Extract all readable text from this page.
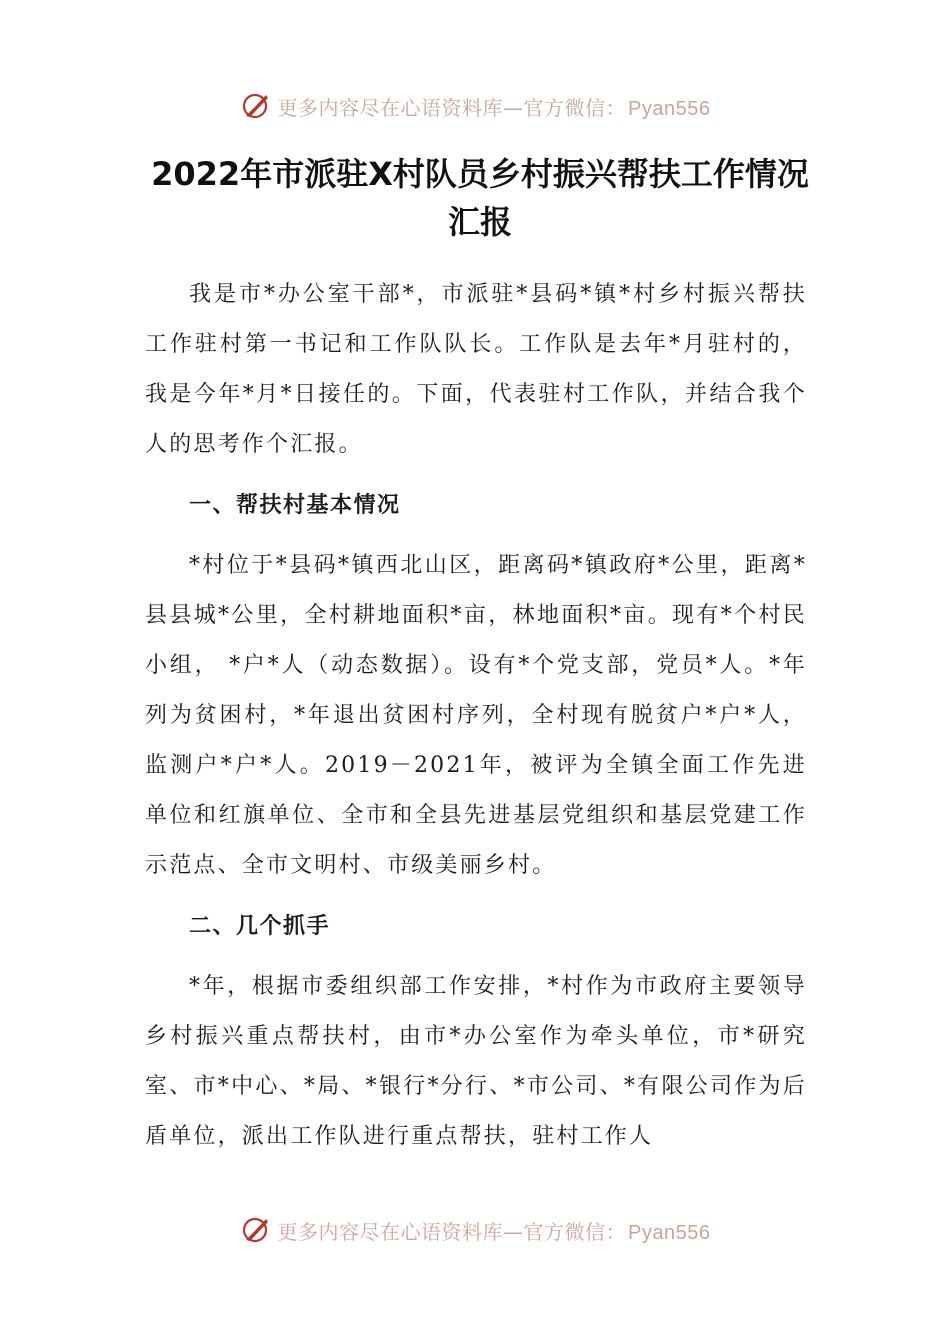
更多内容尽在心语资料库—官方微信： Pyan556
2022年市派驻X村队员乡村振兴帮扶工作情况汇报

我是市*办公室干部*，市派驻*县码*镇*村乡村振兴帮扶工作驻村第一书记和工作队队长。工作队是去年*月驻村的，我是今年*月*日接任的。下面，代表驻村工作队，并结合我个人的思考作个汇报。

一、帮扶村基本情况

*村位于*县码*镇西北山区，距离码*镇政府*公里，距离*县县城*公里，全村耕地面积*亩，林地面积*亩。现有*个村民小组， *户*人（动态数据）。设有*个党支部，党员*人。*年列为贫困村，*年退出贫困村序列，全村现有脱贫户*户*人，监测户*户*人。2019－2021年，被评为全镇全面工作先进单位和红旗单位、全市和全县先进基层党组织和基层党建工作示范点、全市文明村、市级美丽乡村。

二、几个抓手

*年，根据市委组织部工作安排，*村作为市政府主要领导乡村振兴重点帮扶村，由市*办公室作为牵头单位，市*研究室、市*中心、*局、*银行*分行、*市公司、*有限公司作为后盾单位，派出工作队进行重点帮扶，驻村工作人

更多内容尽在心语资料库—官方微信： Pyan556
